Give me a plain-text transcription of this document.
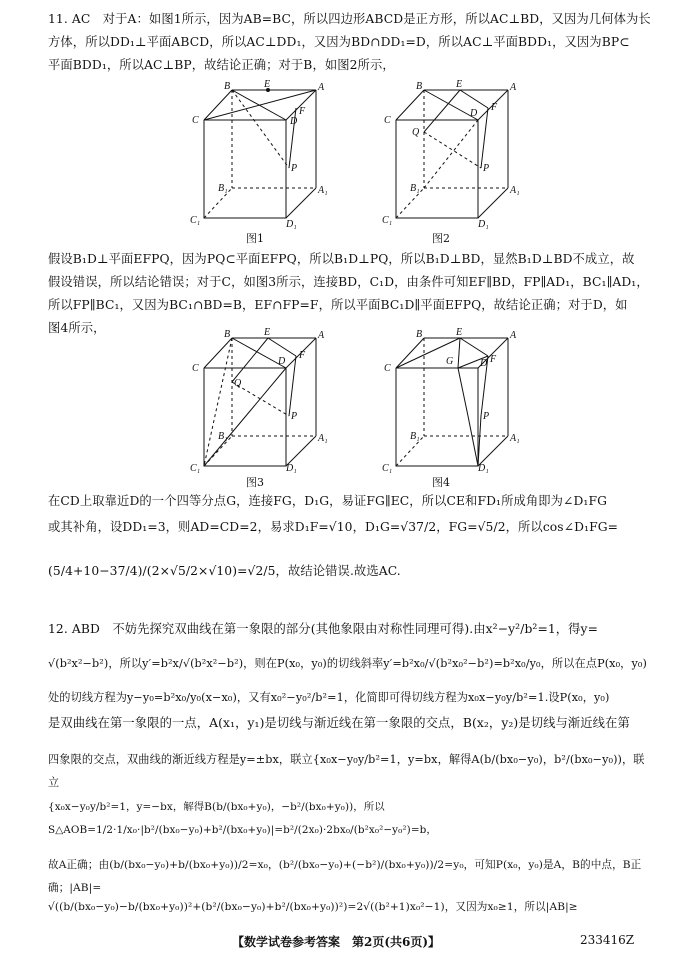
11. AC　对于A：如图1所示，因为AB=BC，所以四边形ABCD是正方形，所以AC⊥BD，又因为几何体为长
方体，所以DD₁⊥平面ABCD，所以AC⊥DD₁，又因为BD∩DD₁=D，所以AC⊥平面BDD₁，又因为BP⊂
平面BDD₁，所以AC⊥BP，故结论正确；对于B，如图2所示，
B	E	A
C	D
F
P
B₁	A₁
C₁	D₁
图1
B	E	A
C
D
F
Q
P
B₁	A₁
C₁	D₁
图2
假设B₁D⊥平面EFPQ，因为PQ⊂平面EFPQ，所以B₁D⊥PQ，所以B₁D⊥BD，显然B₁D⊥BD不成立，故
假设错误，所以结论错误；对于C，如图3所示，连接BD，C₁D，由条件可知EF∥BD，FP∥AD₁，BC₁∥AD₁，
所以FP∥BC₁，又因为BC₁∩BD=B，EF∩FP=F，所以平面BC₁D∥平面EFPQ，故结论正确；对于D，如
图4所示，	B	E	A
C
D
F
Q
P
B₁	A₁
C₁	D₁
图3
B	E	A
C	D F
G
P
B₁	A₁
C₁	D₁
图4
在CD上取靠近D的一个四等分点G，连接FG，D₁G，易证FG∥EC，所以CE和FD₁所成角即为∠D₁FG
或其补角，设DD₁=3，则AD=CD=2，易求D₁F=√10，D₁G=√37/2，FG=√5/2，所以cos∠D₁FG=
(5/4+10−37/4)/(2×√5/2×√10)=√2/5，故结论错误.故选AC.
12. ABD　不妨先探究双曲线在第一象限的部分(其他象限由对称性同理可得).由x²−y²/b²=1，得y=
√(b²x²−b²)，所以y′=b²x/√(b²x²−b²)，则在P(x₀，y₀)的切线斜率y′=b²x₀/√(b²x₀²−b²)=b²x₀/y₀，所以在点P(x₀，y₀)
处的切线方程为y−y₀=b²x₀/y₀(x−x₀)，又有x₀²−y₀²/b²=1，化简即可得切线方程为x₀x−y₀y/b²=1.设P(x₀，y₀)
是双曲线在第一象限的一点，A(x₁，y₁)是切线与渐近线在第一象限的交点，B(x₂，y₂)是切线与渐近线在第
四象限的交点，双曲线的渐近线方程是y=±bx，联立{x₀x−y₀y/b²=1，y=bx，解得A(b/(bx₀−y₀)，b²/(bx₀−y₀))，联立
{x₀x−y₀y/b²=1，y=−bx，解得B(b/(bx₀+y₀)，−b²/(bx₀+y₀))，所以S△AOB=1/2·1/x₀·|b²/(bx₀−y₀)+b²/(bx₀+y₀)|=b²/(2x₀)·2bx₀/(b²x₀²−y₀²)=b，
故A正确；由(b/(bx₀−y₀)+b/(bx₀+y₀))/2=x₀，(b²/(bx₀−y₀)+(−b²)/(bx₀+y₀))/2=y₀，可知P(x₀，y₀)是A，B的中点，B正确；|AB|=
√((b/(bx₀−y₀)−b/(bx₀+y₀))²+(b²/(bx₀−y₀)+b²/(bx₀+y₀))²)=2√((b²+1)x₀²−1)，又因为x₀≥1，所以|AB|≥
【数学试卷参考答案　第2页(共6页)】	233416Z
